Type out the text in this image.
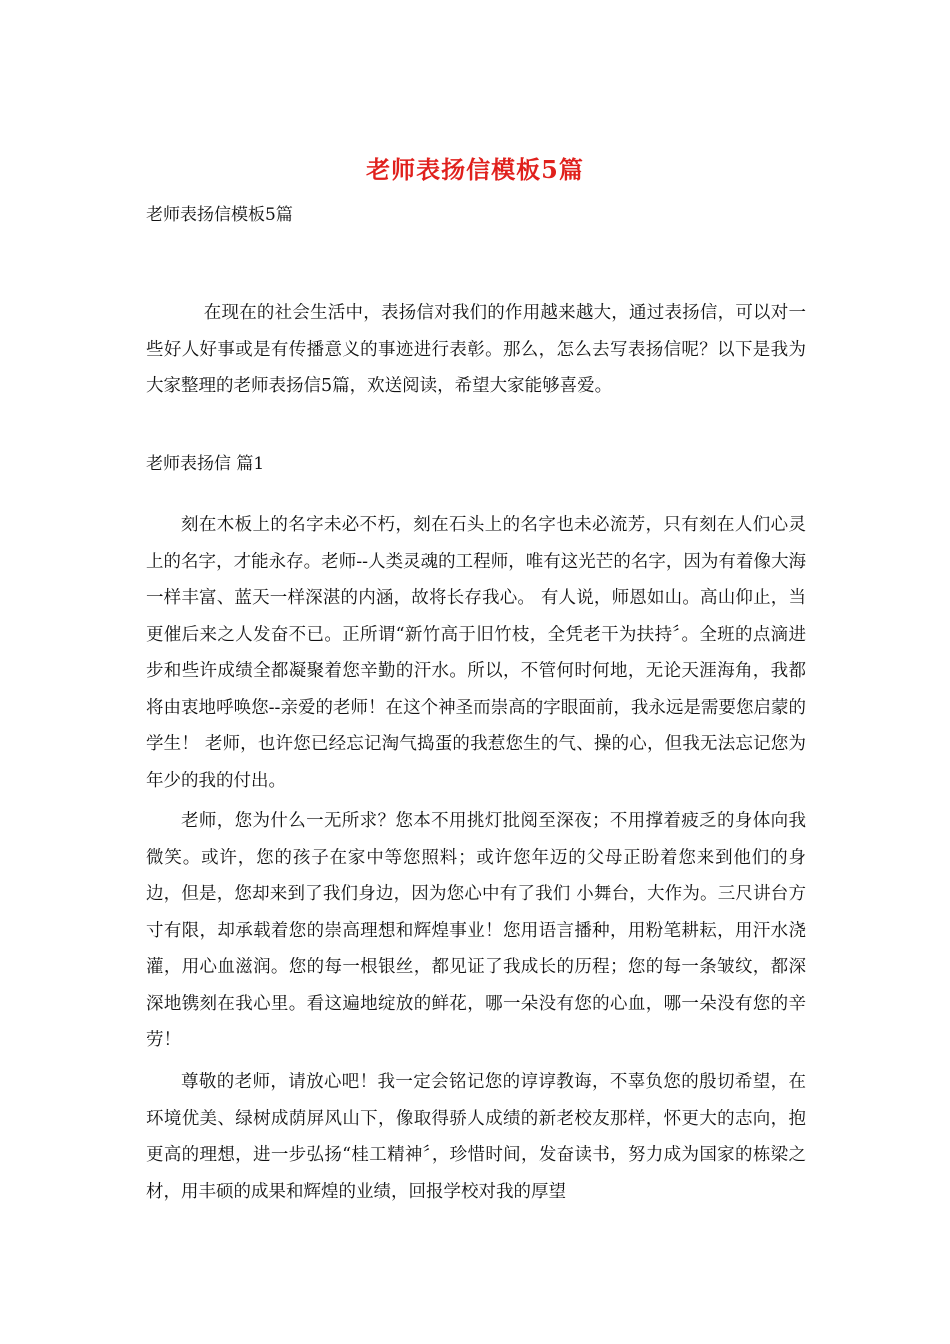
老师表扬信模板5篇
老师表扬信模板5篇

在现在的社会生活中，表扬信对我们的作用越来越大，通过表扬信，可以对一些好人好事或是有传播意义的事迹进行表彰。那么，怎么去写表扬信呢？以下是我为大家整理的老师表扬信5篇，欢送阅读，希望大家能够喜爱。

老师表扬信 篇1

刻在木板上的名字未必不朽，刻在石头上的名字也未必流芳，只有刻在人们心灵上的名字，才能永存。老师--人类灵魂的工程师，唯有这光芒的名字，因为有着像大海一样丰富、蓝天一样深湛的内涵，故将长存我心。 有人说，师恩如山。高山仰止，当更催后来之人发奋不已。正所谓“新竹高于旧竹枝，全凭老干为扶持〞。全班的点滴进步和些许成绩全都凝聚着您辛勤的汗水。所以，不管何时何地，无论天涯海角，我都将由衷地呼唤您--亲爱的老师！在这个神圣而崇高的字眼面前，我永远是需要您启蒙的学生！ 老师，也许您已经忘记淘气捣蛋的我惹您生的气、操的心，但我无法忘记您为年少的我的付出。

老师，您为什么一无所求？您本不用挑灯批阅至深夜；不用撑着疲乏的身体向我微笑。或许，您的孩子在家中等您照料；或许您年迈的父母正盼着您来到他们的身边，但是，您却来到了我们身边，因为您心中有了我们 小舞台，大作为。三尺讲台方寸有限，却承载着您的崇高理想和辉煌事业！您用语言播种，用粉笔耕耘，用汗水浇灌，用心血滋润。您的每一根银丝，都见证了我成长的历程；您的每一条皱纹，都深深地镌刻在我心里。看这遍地绽放的鲜花，哪一朵没有您的心血，哪一朵没有您的辛劳！

尊敬的老师，请放心吧！我一定会铭记您的谆谆教诲，不辜负您的殷切希望，在环境优美、绿树成荫屏风山下，像取得骄人成绩的新老校友那样，怀更大的志向，抱更高的理想，进一步弘扬“桂工精神〞，珍惜时间，发奋读书，努力成为国家的栋梁之材，用丰硕的成果和辉煌的业绩，回报学校对我的厚望
